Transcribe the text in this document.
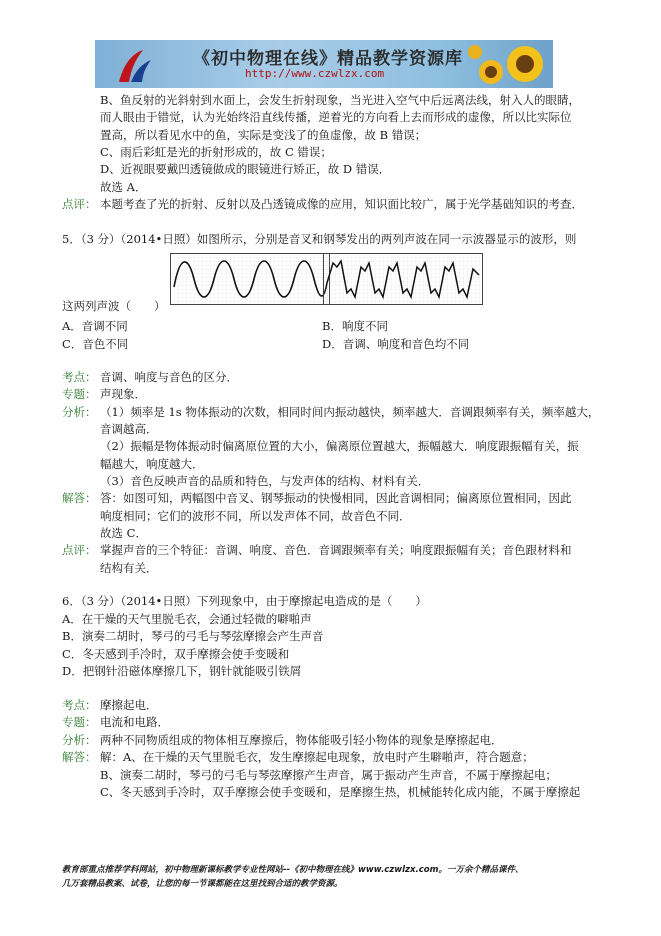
《初中物理在线》精品教学资源库
http://www.czwlzx.com
B、鱼反射的光斜射到水面上，会发生折射现象，当光进入空气中后远离法线，射入人的眼睛，
而人眼由于错觉，认为光始终沿直线传播，逆着光的方向看上去而形成的虚像，所以比实际位
置高，所以看见水中的鱼，实际是变浅了的鱼虚像，故 B 错误；
C、雨后彩虹是光的折射形成的，故 C 错误；
D、近视眼要戴凹透镜做成的眼镜进行矫正，故 D 错误．
故选 A．
点评： 本题考查了光的折射、反射以及凸透镜成像的应用，知识面比较广，属于光学基础知识的考查．
5．（3 分）（2014•日照）如图所示，分别是音叉和钢琴发出的两列声波在同一示波器显示的波形，则
这两列声波（　　）
A．音调不同	B．响度不同
C．音色不同	D．音调、响度和音色均不同
考点： 音调、响度与音色的区分．
专题： 声现象．
分析： （1）频率是 1s 物体振动的次数，相同时间内振动越快，频率越大．音调跟频率有关，频率越大，
音调越高．
（2）振幅是物体振动时偏离原位置的大小，偏离原位置越大，振幅越大．响度跟振幅有关，振
幅越大，响度越大．
（3）音色反映声音的品质和特色，与发声体的结构、材料有关．
解答： 答：如图可知，两幅图中音叉、钢琴振动的快慢相同，因此音调相同；偏离原位置相同，因此
响度相同；它们的波形不同，所以发声体不同，故音色不同．
故选 C．
点评： 掌握声音的三个特征：音调、响度、音色．音调跟频率有关；响度跟振幅有关；音色跟材料和
结构有关．
6．（3 分）（2014•日照）下列现象中，由于摩擦起电造成的是（　　）
A．在干燥的天气里脱毛衣，会通过轻微的噼啪声
B．演奏二胡时，琴弓的弓毛与琴弦摩擦会产生声音
C．冬天感到手冷时，双手摩擦会使手变暖和
D．把钢针沿磁体摩擦几下，钢针就能吸引铁屑
考点： 摩擦起电．
专题： 电流和电路．
分析： 两种不同物质组成的物体相互摩擦后，物体能吸引轻小物体的现象是摩擦起电．
解答： 解：A、在干燥的天气里脱毛衣，发生摩擦起电现象，放电时产生噼啪声，符合题意；
B、演奏二胡时，琴弓的弓毛与琴弦摩擦产生声音，属于振动产生声音，不属于摩擦起电；
C、冬天感到手冷时，双手摩擦会使手变暖和，是摩擦生热，机械能转化成内能，不属于摩擦起
教育部重点推荐学科网站，初中物理新课标教学专业性网站--《初中物理在线》www.czwlzx.com。一万余个精品课件、
几万套精品教案、试卷，让您的每一节课都能在这里找到合适的教学资源。
